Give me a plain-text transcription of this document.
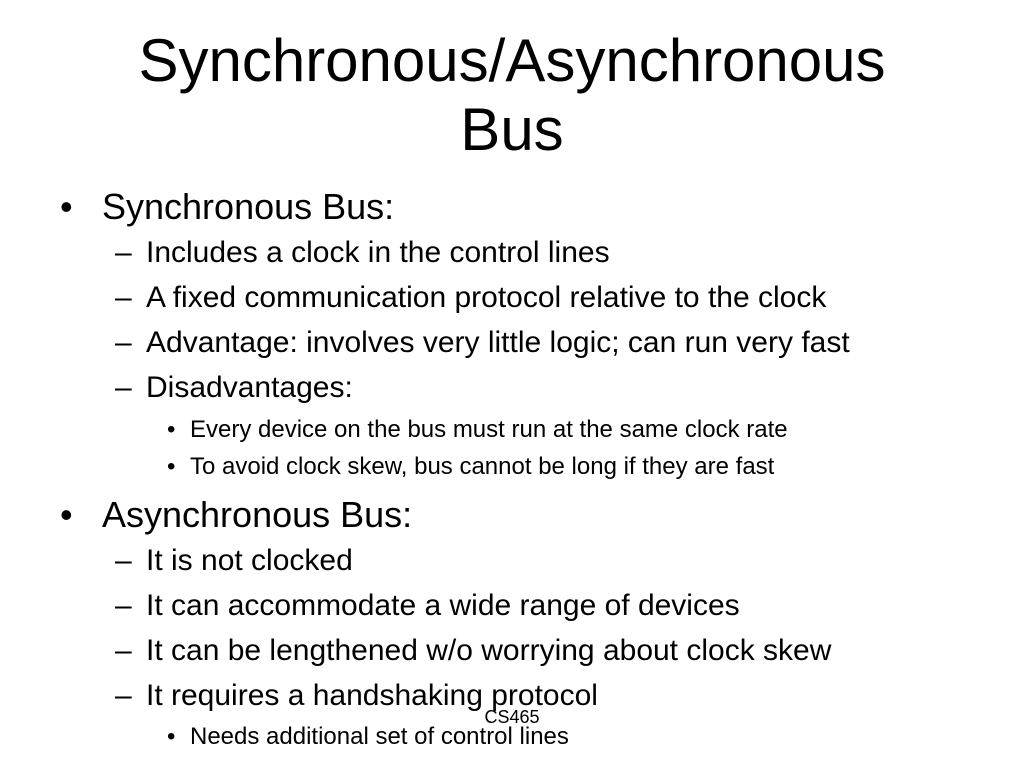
Synchronous/Asynchronous
Bus
• Synchronous Bus:

– Includes a clock in the control lines

– A fixed communication protocol relative to the clock

– Advantage: involves very little logic; can run very fast

– Disadvantages:

• Every device on the bus must run at the same clock rate

• To avoid clock skew, bus cannot be long if they are fast

• Asynchronous Bus:

– It is not clocked

– It can accommodate a wide range of devices

– It can be lengthened w/o worrying about clock skew

– It requires a handshaking protocol

CS465
• Needs additional set of control lines
